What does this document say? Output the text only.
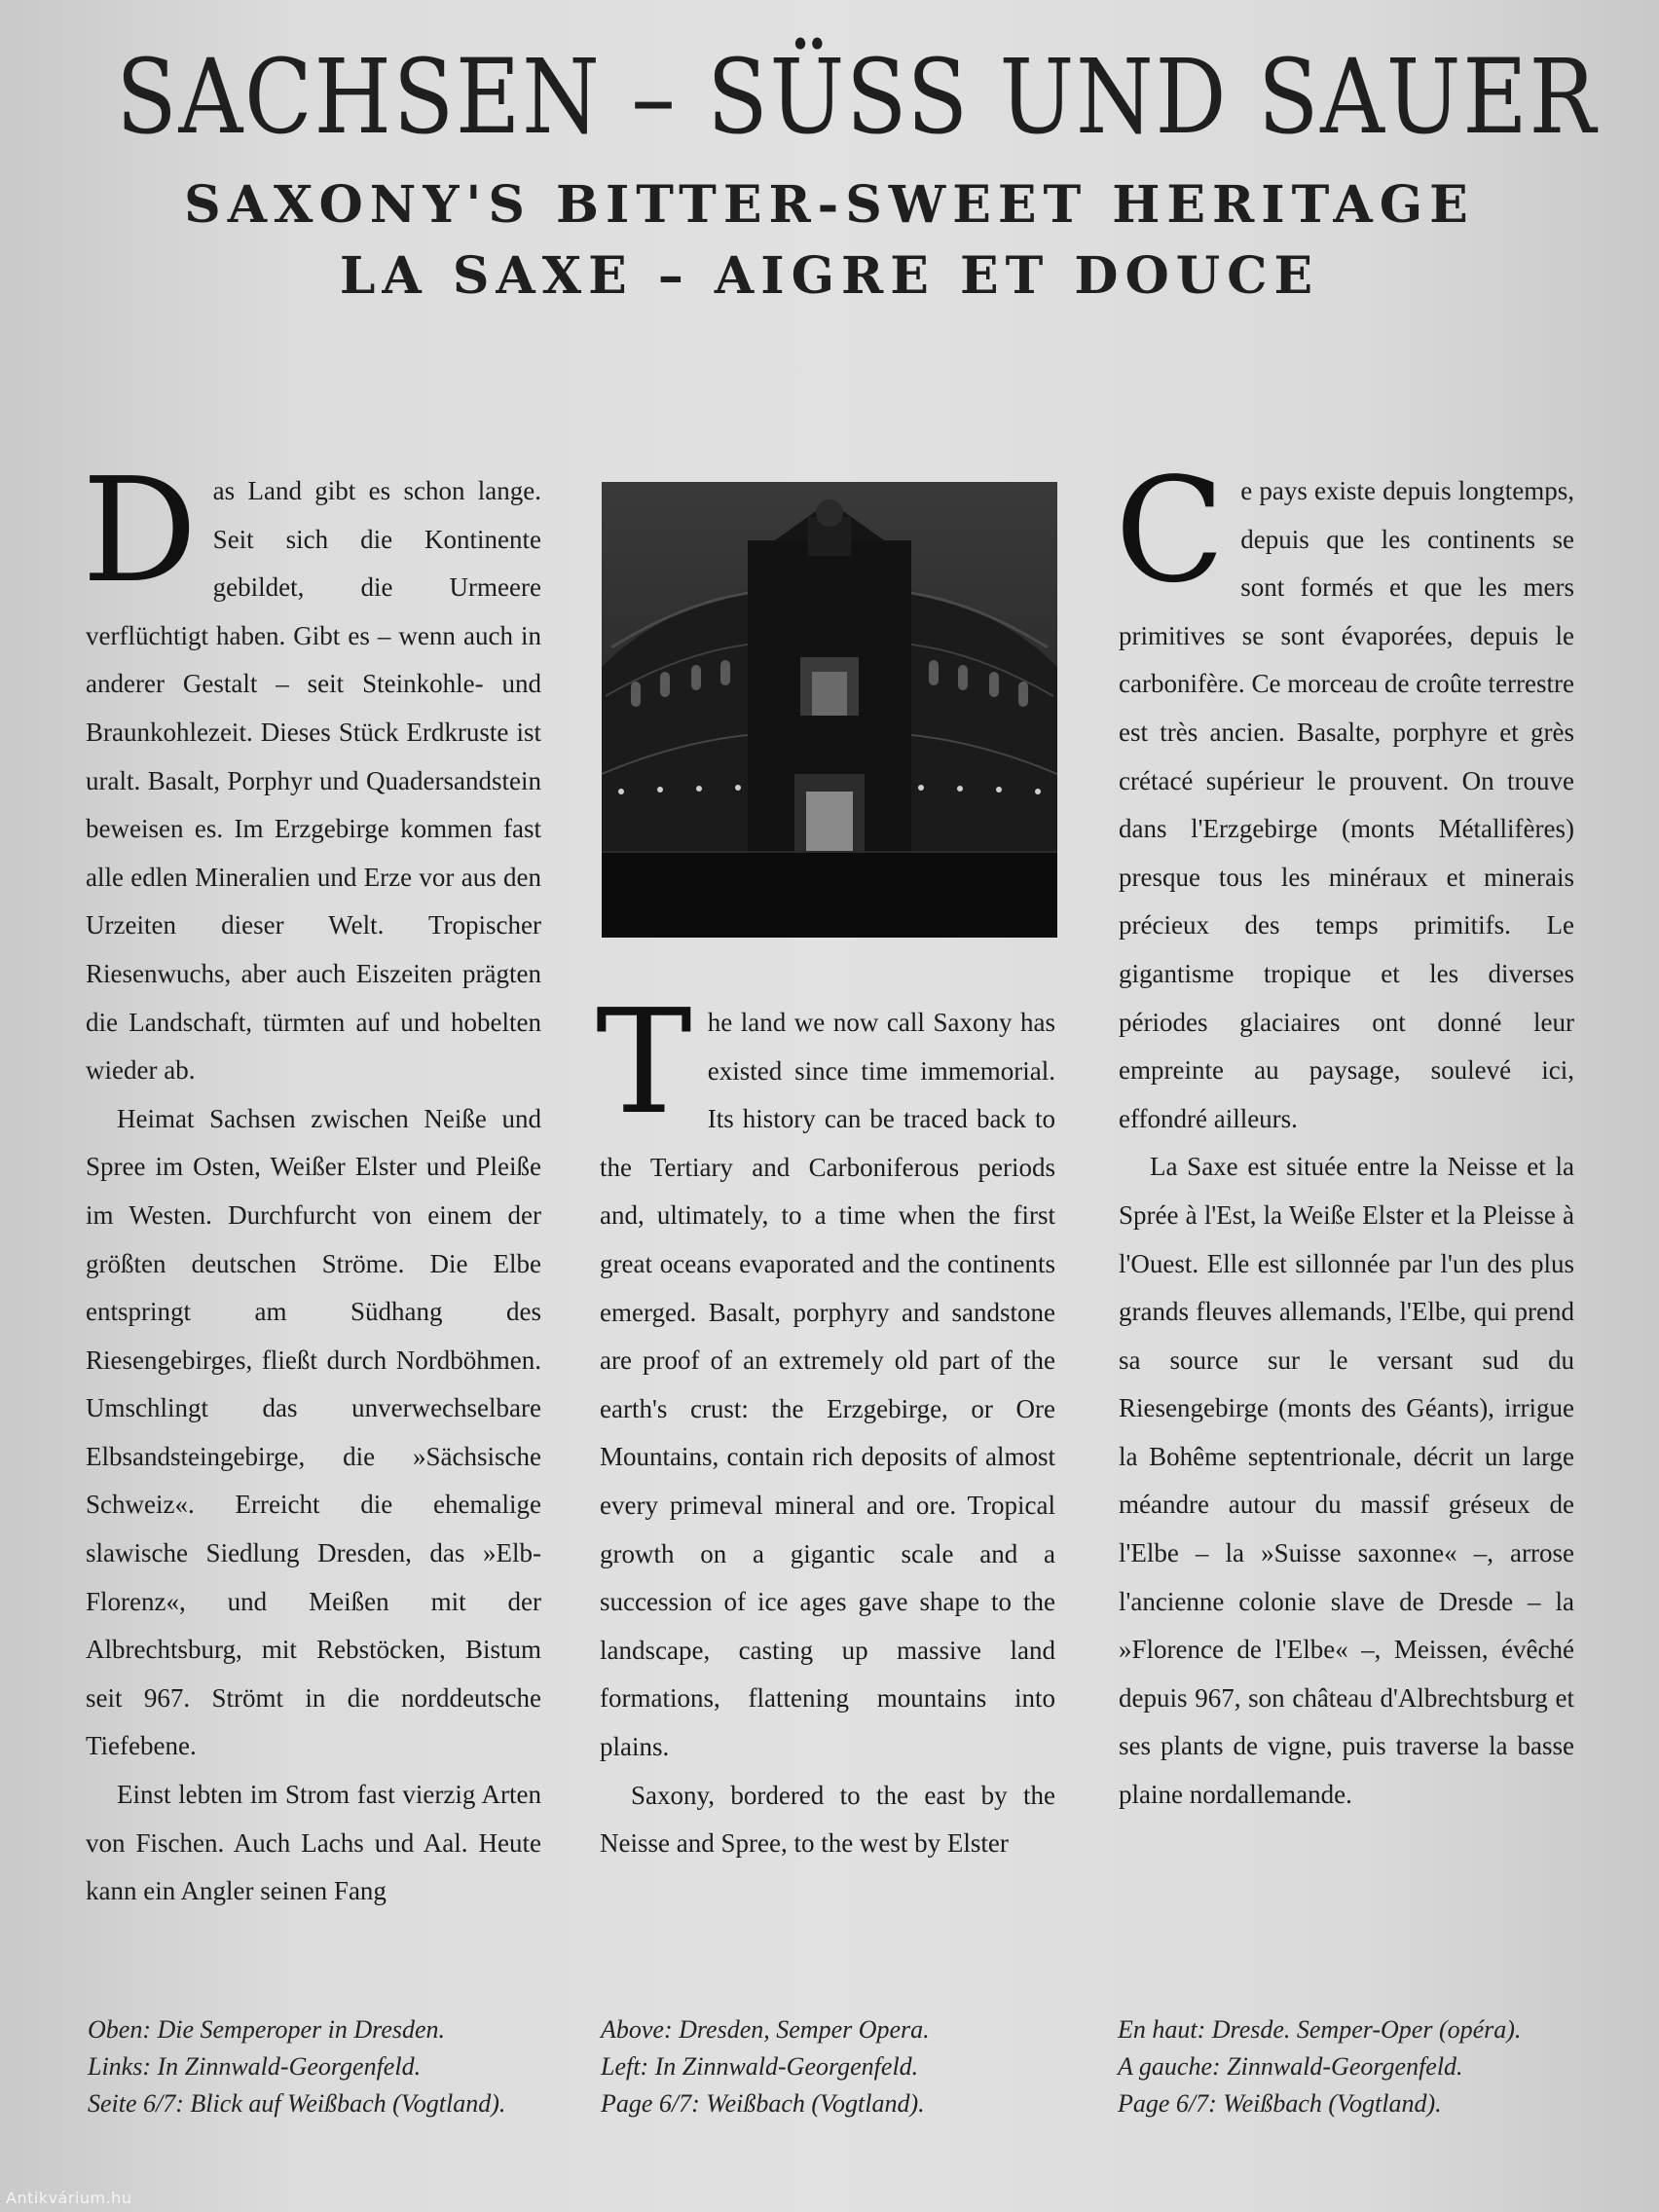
SACHSEN – SÜSS UND SAUER
SAXONY'S BITTER-SWEET HERITAGE
LA SAXE – AIGRE ET DOUCE

Das Land gibt es schon lange. Seit sich die Kontinente gebildet, die Urmeere verflüchtigt haben. Gibt es – wenn auch in anderer Gestalt – seit Steinkohle- und Braunkohlezeit. Dieses Stück Erdkruste ist uralt. Basalt, Porphyr und Quadersandstein beweisen es. Im Erzgebirge kommen fast alle edlen Mineralien und Erze vor aus den Urzeiten dieser Welt. Tropischer Riesenwuchs, aber auch Eiszeiten prägten die Landschaft, türmten auf und hobelten wieder ab.

Heimat Sachsen zwischen Neiße und Spree im Osten, Weißer Elster und Pleiße im Westen. Durchfurcht von einem der größten deutschen Ströme. Die Elbe entspringt am Südhang des Riesengebirges, fließt durch Nordböhmen. Umschlingt das unverwechselbare Elbsandsteingebirge, die »Sächsische Schweiz«. Erreicht die ehemalige slawische Siedlung Dresden, das »Elb-Florenz«, und Meißen mit der Albrechtsburg, mit Rebstöcken, Bistum seit 967. Strömt in die norddeutsche Tiefebene.

Einst lebten im Strom fast vierzig Arten von Fischen. Auch Lachs und Aal. Heute kann ein Angler seinen Fang

The land we now call Saxony has existed since time immemorial. Its history can be traced back to the Tertiary and Carboniferous periods and, ultimately, to a time when the first great oceans evaporated and the continents emerged. Basalt, porphyry and sandstone are proof of an extremely old part of the earth's crust: the Erzgebirge, or Ore Mountains, contain rich deposits of almost every primeval mineral and ore. Tropical growth on a gigantic scale and a succession of ice ages gave shape to the landscape, casting up massive land formations, flattening mountains into plains.

Saxony, bordered to the east by the Neisse and Spree, to the west by Elster

Ce pays existe depuis longtemps, depuis que les continents se sont formés et que les mers primitives se sont évaporées, depuis le carbonifère. Ce morceau de croûte terrestre est très ancien. Basalte, porphyre et grès crétacé supérieur le prouvent. On trouve dans l'Erzgebirge (monts Métallifères) presque tous les minéraux et minerais précieux des temps primitifs. Le gigantisme tropique et les diverses périodes glaciaires ont donné leur empreinte au paysage, soulevé ici, effondré ailleurs.

La Saxe est située entre la Neisse et la Sprée à l'Est, la Weiße Elster et la Pleisse à l'Ouest. Elle est sillonnée par l'un des plus grands fleuves allemands, l'Elbe, qui prend sa source sur le versant sud du Riesengebirge (monts des Géants), irrigue la Bohême septentrionale, décrit un large méandre autour du massif gréseux de l'Elbe – la »Suisse saxonne« –, arrose l'ancienne colonie slave de Dresde – la »Florence de l'Elbe« –, Meissen, évêché depuis 967, son château d'Albrechtsburg et ses plants de vigne, puis traverse la basse plaine nordallemande.

Oben: Die Semperoper in Dresden.
Links: In Zinnwald-Georgenfeld.
Seite 6/7: Blick auf Weißbach (Vogtland).
Above: Dresden, Semper Opera.
Left: In Zinnwald-Georgenfeld.
Page 6/7: Weißbach (Vogtland).
En haut: Dresde. Semper-Oper (opéra).
A gauche: Zinnwald-Georgenfeld.
Page 6/7: Weißbach (Vogtland).
Antikvárium.hu
